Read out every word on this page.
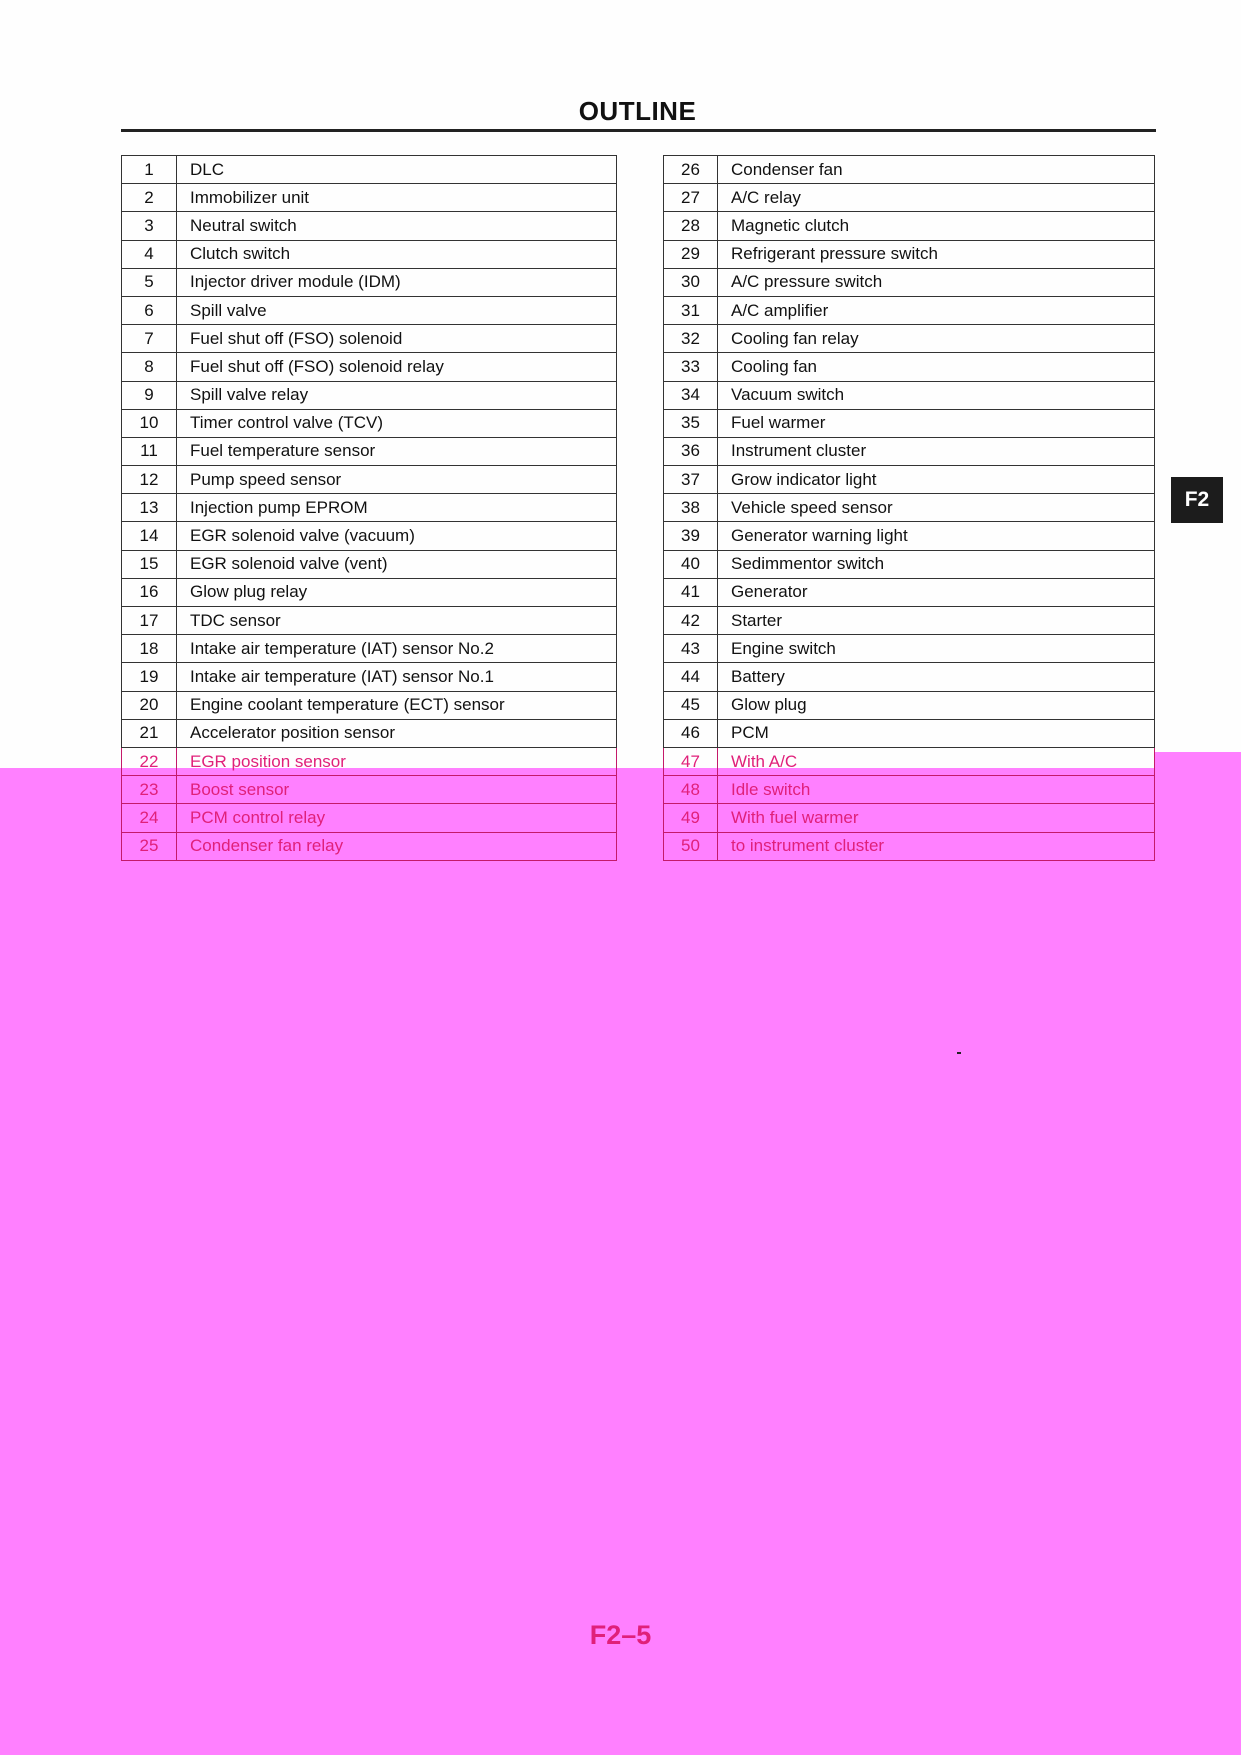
OUTLINE
1	DLC
2	Immobilizer unit
3	Neutral switch
4	Clutch switch
5	Injector driver module (IDM)
6	Spill valve
7	Fuel shut off (FSO) solenoid
8	Fuel shut off (FSO) solenoid relay
9	Spill valve relay
10	Timer control valve (TCV)
11	Fuel temperature sensor
12	Pump speed sensor
13	Injection pump EPROM
14	EGR solenoid valve (vacuum)
15	EGR solenoid valve (vent)
16	Glow plug relay
17	TDC sensor
18	Intake air temperature (IAT) sensor No.2
19	Intake air temperature (IAT) sensor No.1
20	Engine coolant temperature (ECT) sensor
21	Accelerator position sensor
22	EGR position sensor
23	Boost sensor
24	PCM control relay
25	Condenser fan relay
26	Condenser fan
27	A/C relay
28	Magnetic clutch
29	Refrigerant pressure switch
30	A/C pressure switch
31	A/C amplifier
32	Cooling fan relay
33	Cooling fan
34	Vacuum switch
35	Fuel warmer
36	Instrument cluster
37	Grow indicator light
38	Vehicle speed sensor
39	Generator warning light
40	Sedimmentor switch
41	Generator
42	Starter
43	Engine switch
44	Battery
45	Glow plug
46	PCM
47	With A/C
48	Idle switch
49	With fuel warmer
50	to instrument cluster
F2
F2–5
